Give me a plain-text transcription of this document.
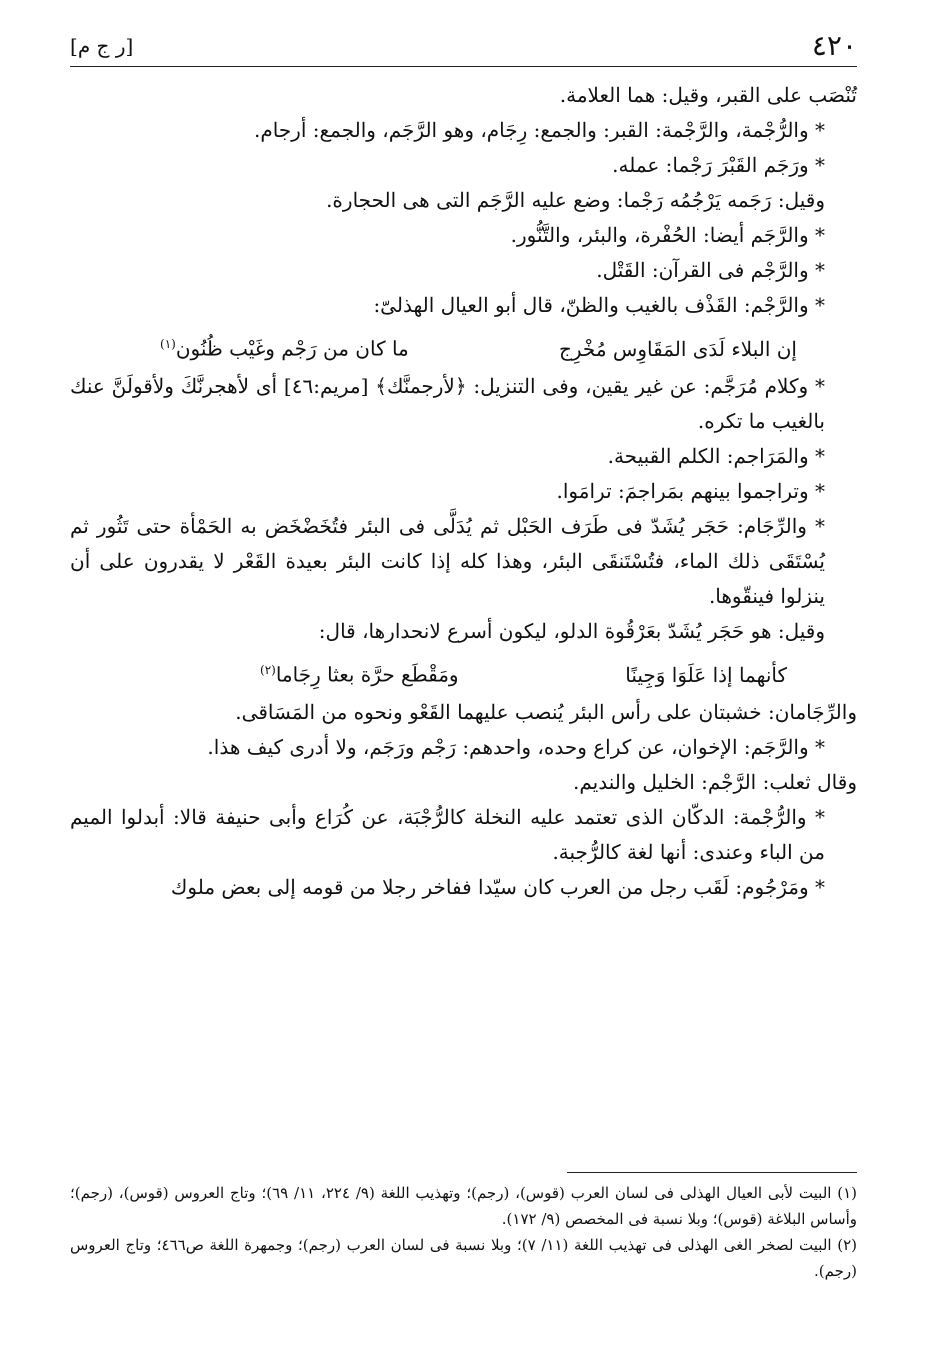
[ر ج م]	٤٢٠

تُنْصَب على القبر، وقيل: هما العلامة.

* والرُّجْمة، والرَّجْمة: القبر: والجمع: رِجَام، وهو الرَّجَم، والجمع: أرجام.

* ورَجَم القَبْرَ رَجْما: عمله.

وقيل: رَجَمه يَرْجُمُه رَجْما: وضع عليه الرَّجَم التى هى الحجارة.

* والرَّجَم أيضا: الحُفْرة، والبئر، والتَّنُّور.

* والرَّجْم فى القرآن: القَتْل.

* والرَّجْم: القَذْف بالغيب والظنّ، قال أبو العيال الهذلىّ:

إن البلاء لَدَى المَقَاوِس مُخْرِج
ما كان من رَجْم وغَيْب ظُنُون$^{(١)}$

* وكلام مُرَجَّم: عن غير يقين، وفى التنزيل: ﴿لأرجمنَّك﴾ [مريم:٤٦] أى لأهجرنَّكَ ولأقولَنَّ عنك بالغيب ما تكره.

* والمَرَاجم: الكلم القبيحة.

* وتراجموا بينهم بمَراجمَ: ترامَوا.

* والرِّجَام: حَجَر يُشَدّ فى طَرَف الحَبْل ثم يُدَلَّى فى البئر فتُخَضْخَض به الحَمْأة حتى تَثُور ثم يُسْتَقَى ذلك الماء، فتُسْتَنقَى البئر، وهذا كله إذا كانت البئر بعيدة القَعْر لا يقدرون على أن ينزلوا فينقّوها.

وقيل: هو حَجَر يُشَدّ بعَرْقُوة الدلو، ليكون أسرع لانحدارها، قال:

كأنهما إذا عَلَوَا وَجِينًا
ومَقْطَع حرَّة بعثا رِجَاما$^{(٢)}$

والرِّجَامان: خشبتان على رأس البئر يُنصب عليهما القَعْو ونحوه من المَسَاقى.

* والرَّجَم: الإخوان، عن كراع وحده، واحدهم: رَجْم ورَجَم، ولا أدرى كيف هذا.

وقال ثعلب: الرَّجْم: الخليل والنديم.

* والرُّجْمة: الدكّان الذى تعتمد عليه النخلة كالرُّجْبَة، عن كُرَاع وأبى حنيفة قالا: أبدلوا الميم من الباء وعندى: أنها لغة كالرُّجبة.

* ومَرْجُوم: لَقَب رجل من العرب كان سيّدا ففاخر رجلا من قومه إلى بعض ملوك

(١) البيت لأبى العيال الهذلى فى لسان العرب (قوس)، (رجم)؛ وتهذيب اللغة (٩/ ٢٢٤، ١١/ ٦٩)؛ وتاج العروس (قوس)، (رجم)؛ وأساس البلاغة (قوس)؛ وبلا نسبة فى المخصص (٩/ ١٧٢).

(٢) البيت لصخر الغى الهذلى فى تهذيب اللغة (١١/ ٧)؛ وبلا نسبة فى لسان العرب (رجم)؛ وجمهرة اللغة ص٤٦٦؛ وتاج العروس (رجم).
